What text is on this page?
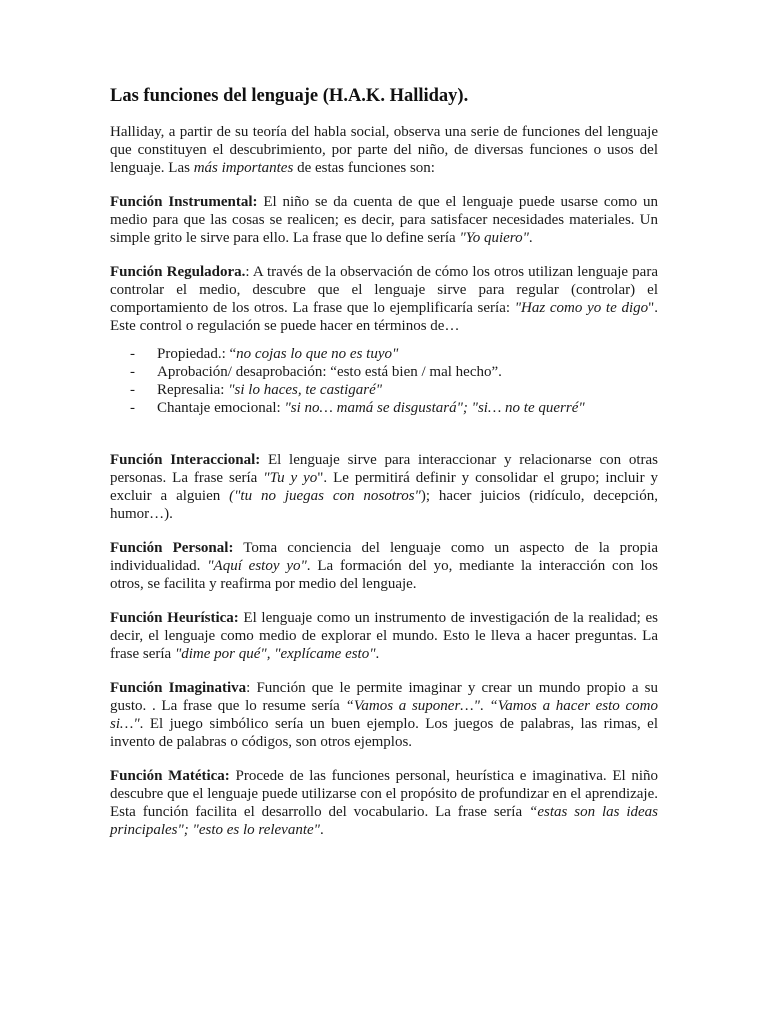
Las funciones del lenguaje (H.A.K. Halliday).

Halliday, a partir de su teoría del habla social, observa una serie de funciones del lenguaje que constituyen el descubrimiento, por parte del niño, de diversas funciones o usos del lenguaje. Las más importantes de estas funciones son:

Función Instrumental: El niño se da cuenta de que el lenguaje puede usarse como un medio para que las cosas se realicen; es decir, para satisfacer necesidades materiales. Un simple grito le sirve para ello. La frase que lo define sería "Yo quiero".

Función Reguladora.: A través de la observación de cómo los otros utilizan lenguaje para controlar el medio, descubre que el lenguaje sirve para regular (controlar) el comportamiento de los otros. La frase que lo ejemplificaría sería: "Haz como yo te digo". Este control o regulación se puede hacer en términos de…

- Propiedad.: “no cojas lo que no es tuyo"
- Aprobación/ desaprobación: “esto está bien / mal hecho”.
- Represalia: "si lo haces, te castigaré"
- Chantaje emocional: "si no… mamá se disgustará"; "si… no te querré"

Función Interaccional: El lenguaje sirve para interaccionar y relacionarse con otras personas. La frase sería "Tu y yo". Le permitirá definir y consolidar el grupo; incluir y excluir a alguien ("tu no juegas con nosotros"); hacer juicios (ridículo, decepción, humor…).

Función Personal: Toma conciencia del lenguaje como un aspecto de la propia individualidad. "Aquí estoy yo". La formación del yo, mediante la interacción con los otros, se facilita y reafirma por medio del lenguaje.

Función Heurística: El lenguaje como un instrumento de investigación de la realidad; es decir, el lenguaje como medio de explorar el mundo. Esto le lleva a hacer preguntas. La frase sería "dime por qué", "explícame esto".

Función Imaginativa: Función que le permite imaginar y crear un mundo propio a su gusto. . La frase que lo resume sería “Vamos a suponer…". “Vamos a hacer esto como si…". El juego simbólico sería un buen ejemplo. Los juegos de palabras, las rimas, el invento de palabras o códigos, son otros ejemplos.

Función Matética: Procede de las funciones personal, heurística e imaginativa. El niño descubre que el lenguaje puede utilizarse con el propósito de profundizar en el aprendizaje. Esta función facilita el desarrollo del vocabulario. La frase sería “estas son las ideas principales"; "esto es lo relevante".
